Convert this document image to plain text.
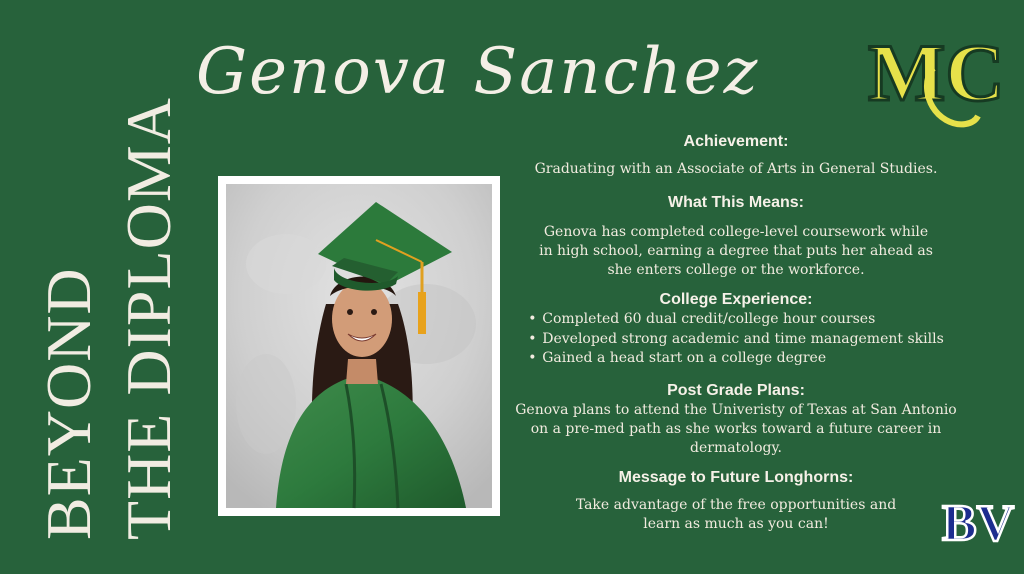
BEYOND THE DIPLOMA
Genova Sanchez MC

Achievement:

Graduating with an Associate of Arts in General Studies.

What This Means:

Genova has completed college-level coursework while

in high school, earning a degree that puts her ahead as

she enters college or the workforce.

College Experience:

• Completed 60 dual credit/college hour courses
• Developed strong academic and time management skills
• Gained a head start on a college degree

Post Grade Plans:

Genova plans to attend the Univeristy of Texas at San Antonio

on a pre-med path as she works toward a future career in

dermatology.

Message to Future Longhorns:

Take advantage of the free opportunities and

learn as much as you can!	BV
